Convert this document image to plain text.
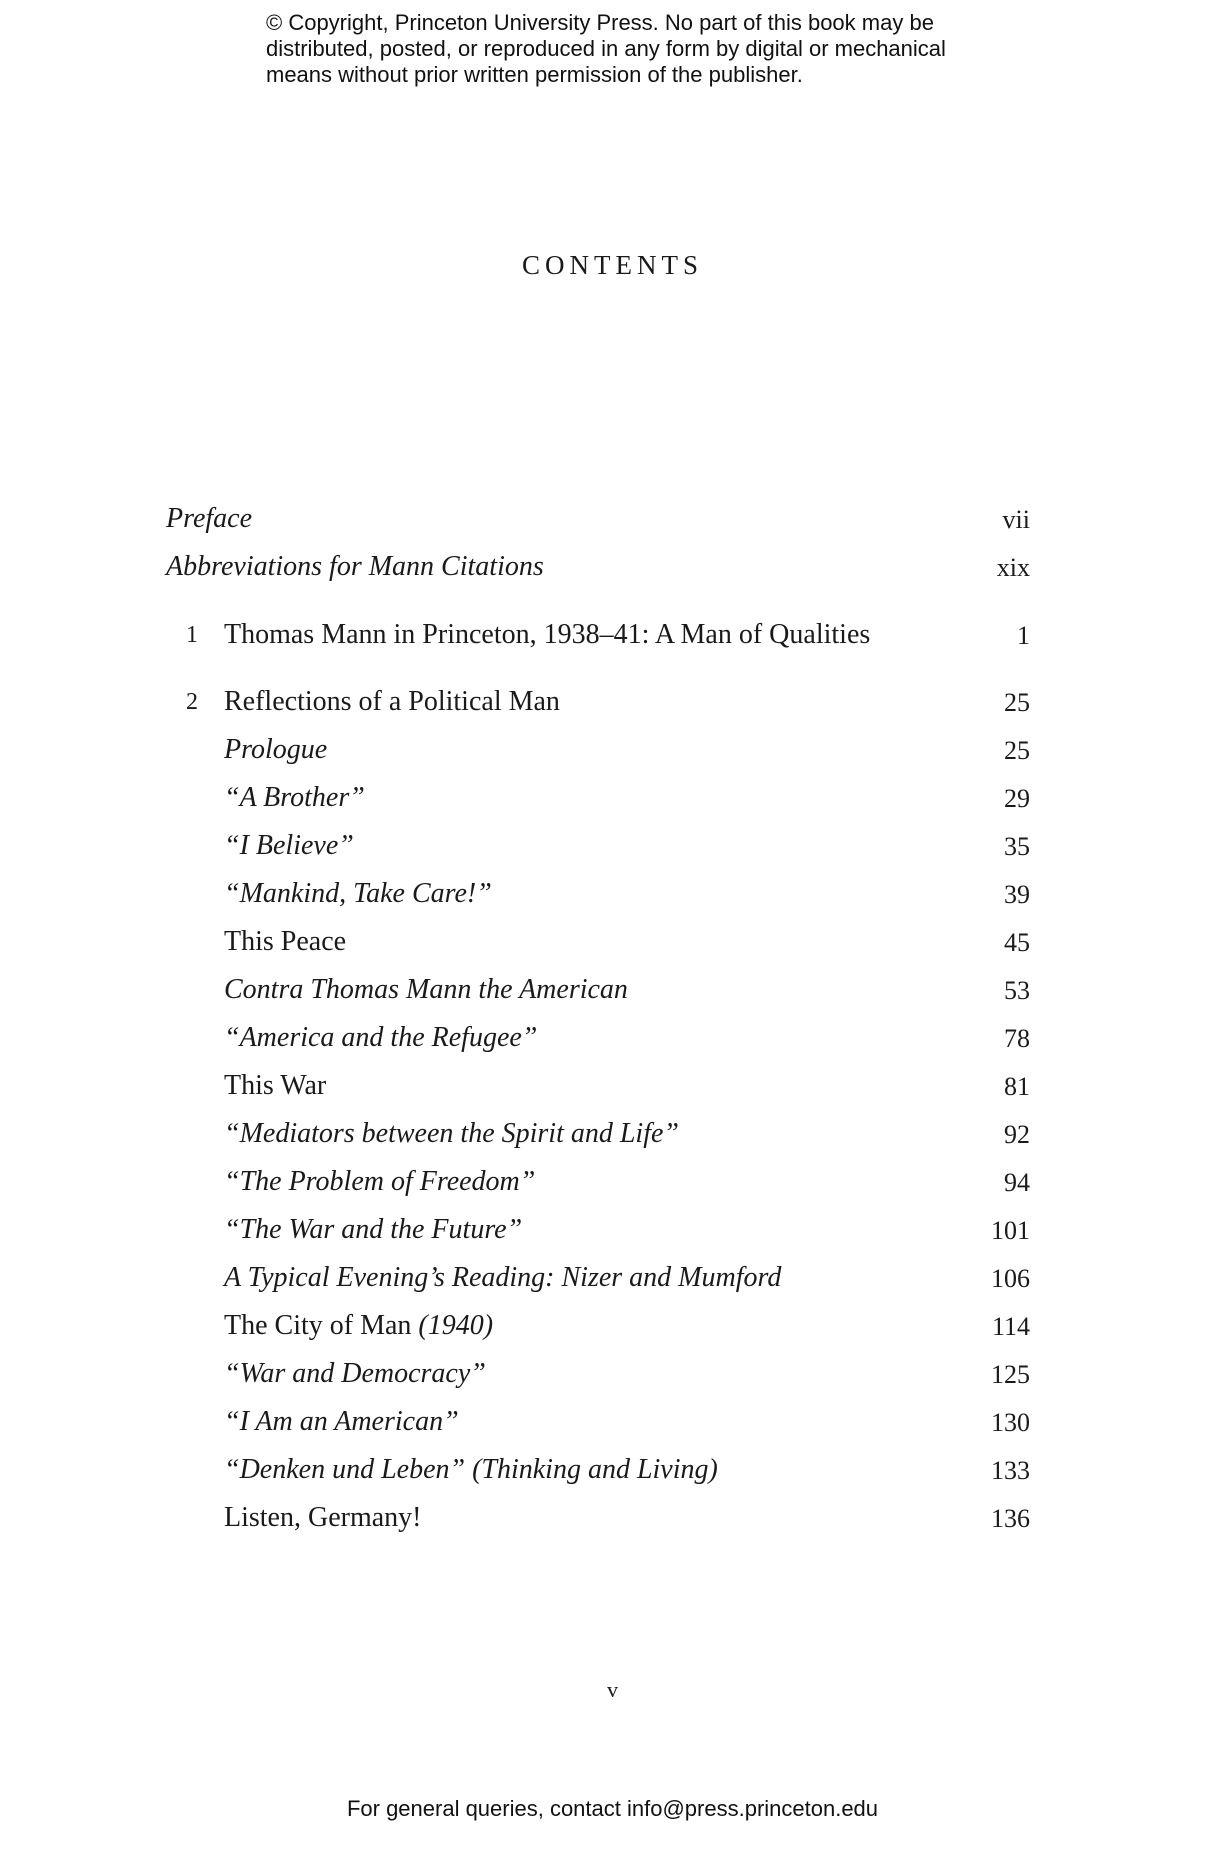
© Copyright, Princeton University Press. No part of this book may be
distributed, posted, or reproduced in any form by digital or mechanical
means without prior written permission of the publisher.
CONTENTS
Preface	vii
Abbreviations for Mann Citations	xix
1 Thomas Mann in Princeton, 1938–41: A Man of Qualities	1
2 Reflections of a Political Man	25
Prologue	25
“A Brother”	29
“I Believe”	35
“Mankind, Take Care!”	39
This Peace	45
Contra Thomas Mann the American	53
“America and the Refugee”	78
This War	81
“Mediators between the Spirit and Life”	92
“The Problem of Freedom”	94
“The War and the Future”	101
A Typical Evening’s Reading: Nizer and Mumford	106
The City of Man (1940)	114
“War and Democracy”	125
“I Am an American”	130
“Denken und Leben” (Thinking and Living)	133
Listen, Germany!	136
v
For general queries, contact info@press.princeton.edu
